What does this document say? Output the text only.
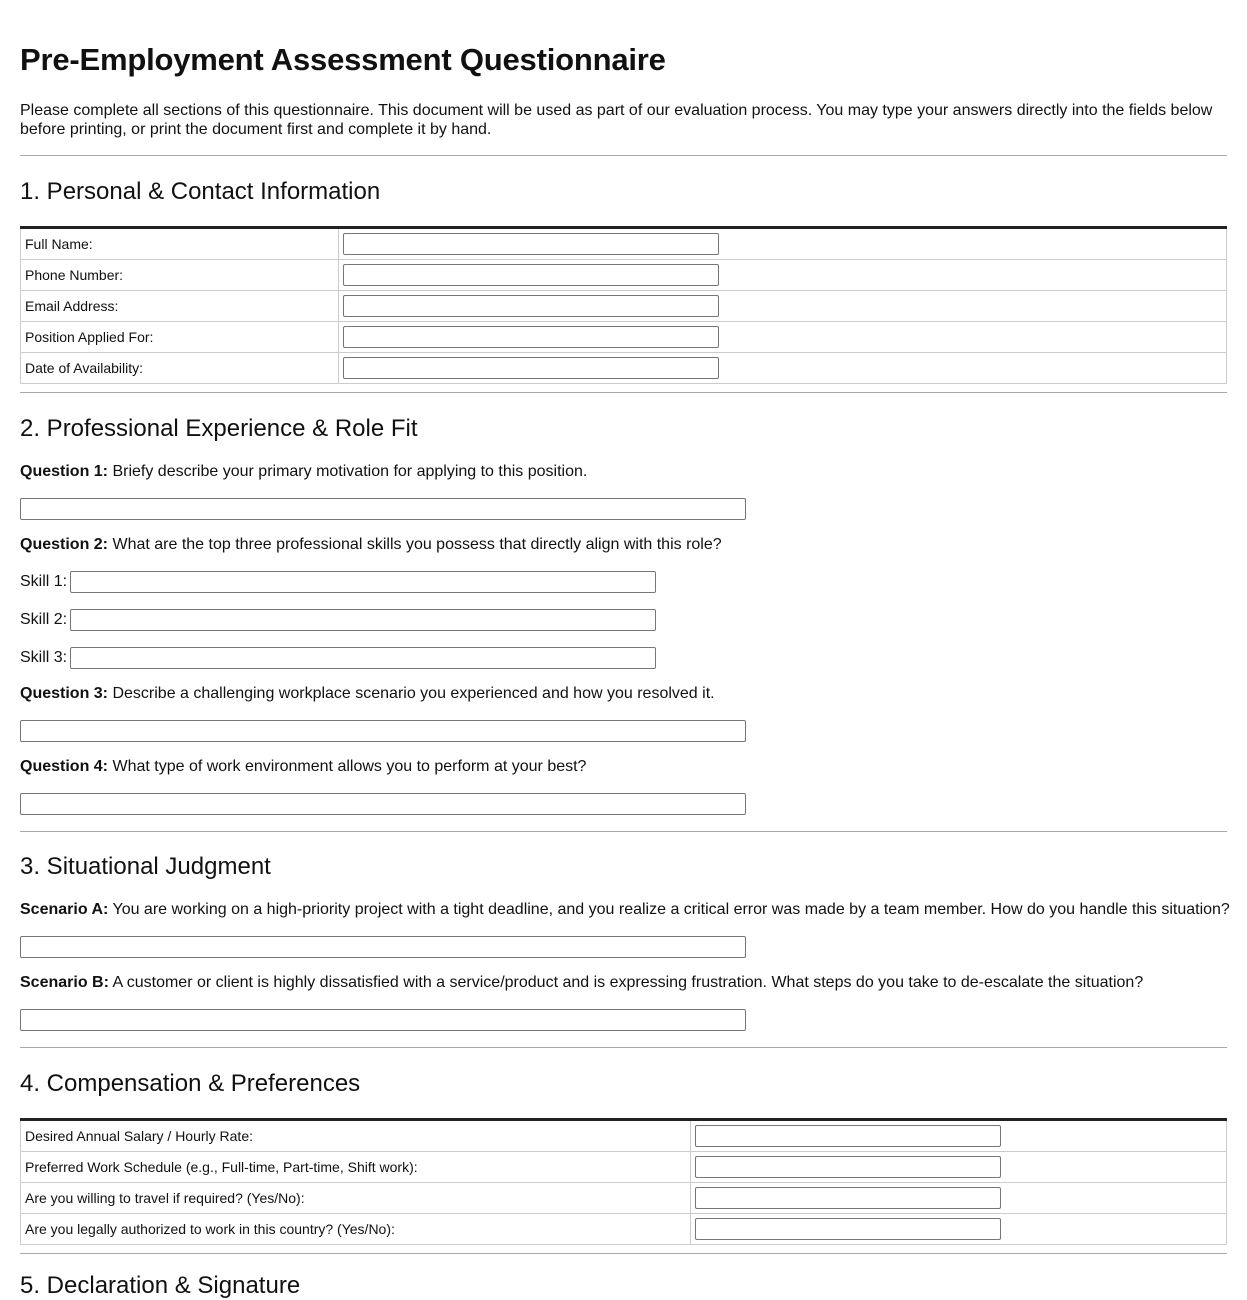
Pre-Employment Assessment Questionnaire

Please complete all sections of this questionnaire. This document will be used as part of our evaluation process. You may type your answers directly into the fields below before printing, or print the document first and complete it by hand.

1. Personal & Contact Information
Full Name:	

Phone Number:	

Email Address:	

Position Applied For:	

Date of Availability:	
2. Professional Experience & Role Fit

Question 1: Briefy describe your primary motivation for applying to this position.

Question 2: What are the top three professional skills you possess that directly align with this role?

Skill 1:
Skill 2:
Skill 3:

Question 3: Describe a challenging workplace scenario you experienced and how you resolved it.

Question 4: What type of work environment allows you to perform at your best?

3. Situational Judgment

Scenario A: You are working on a high-priority project with a tight deadline, and you realize a critical error was made by a team member. How do you handle this situation?

Scenario B: A customer or client is highly dissatisfied with a service/product and is expressing frustration. What steps do you take to de-escalate the situation?

4. Compensation & Preferences
Desired Annual Salary / Hourly Rate:	

Preferred Work Schedule (e.g., Full-time, Part-time, Shift work):	

Are you willing to travel if required? (Yes/No):	

Are you legally authorized to work in this country? (Yes/No):	
5. Declaration & Signature
